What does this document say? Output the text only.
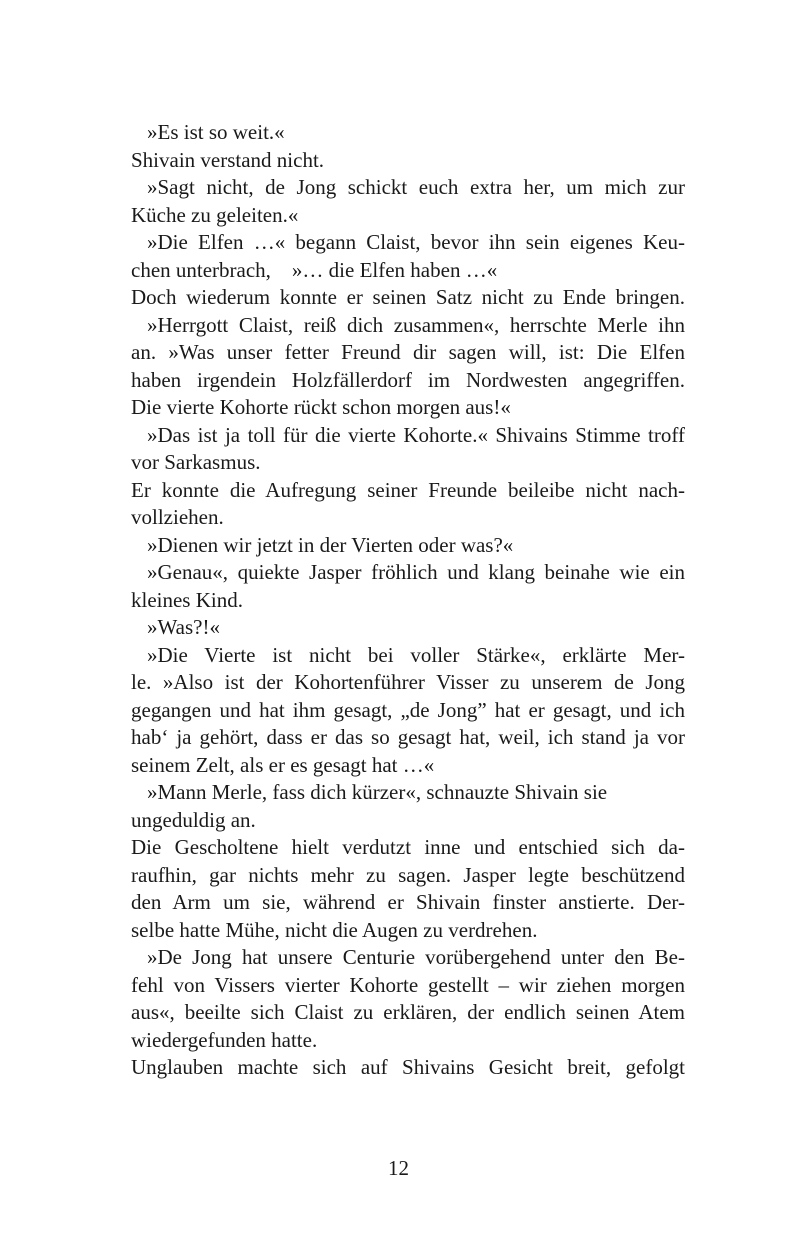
»Es ist so weit.«
Shivain verstand nicht.
»Sagt nicht, de Jong schickt euch extra her, um mich zur
Küche zu geleiten.«
»Die Elfen …« begann Claist, bevor ihn sein eigenes Keu-
chen unterbrach,    »… die Elfen haben …«
Doch wiederum konnte er seinen Satz nicht zu Ende bringen.
»Herrgott Claist, reiß dich zusammen«, herrschte Merle ihn
an. »Was unser fetter Freund dir sagen will, ist: Die Elfen
haben irgendein Holzfällerdorf im Nordwesten angegriffen.
Die vierte Kohorte rückt schon morgen aus!«
»Das ist ja toll für die vierte Kohorte.« Shivains Stimme troff
vor Sarkasmus.
Er konnte die Aufregung seiner Freunde beileibe nicht nach-
vollziehen.
»Dienen wir jetzt in der Vierten oder was?«
»Genau«, quiekte Jasper fröhlich und klang beinahe wie ein
kleines Kind.
»Was?!«
»Die Vierte ist nicht bei voller Stärke«, erklärte Mer-
le. »Also ist der Kohortenführer Visser zu unserem de Jong
gegangen und hat ihm gesagt, „de Jong” hat er gesagt, und ich
hab‘ ja gehört, dass er das so gesagt hat, weil, ich stand ja vor
seinem Zelt, als er es gesagt hat …«
»Mann Merle, fass dich kürzer«, schnauzte Shivain sie
ungeduldig an.
Die Gescholtene hielt verdutzt inne und entschied sich da-
raufhin, gar nichts mehr zu sagen. Jasper legte beschützend
den Arm um sie, während er Shivain finster anstierte. Der-
selbe hatte Mühe, nicht die Augen zu verdrehen.
»De Jong hat unsere Centurie vorübergehend unter den Be-
fehl von Vissers vierter Kohorte gestellt – wir ziehen morgen
aus«, beeilte sich Claist zu erklären, der endlich seinen Atem
wiedergefunden hatte.
Unglauben machte sich auf Shivains Gesicht breit, gefolgt
12
